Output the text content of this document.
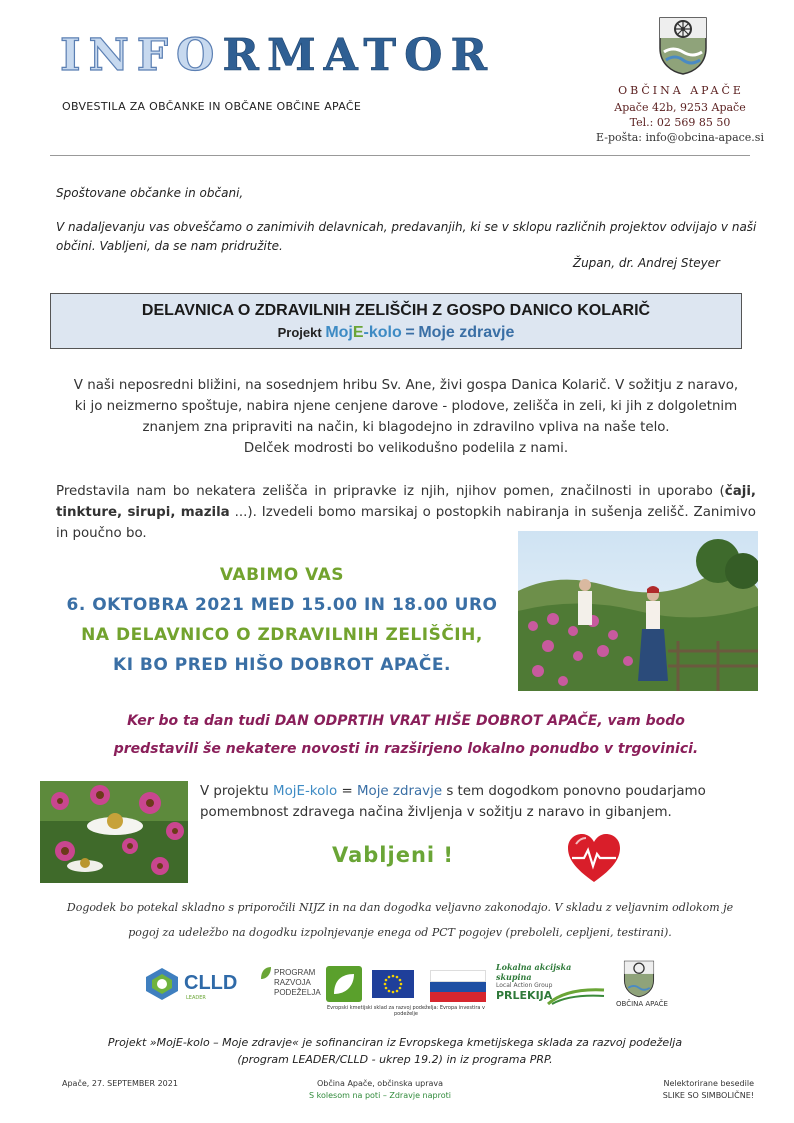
INFORMATOR
OBVESTILA ZA OBČANKE IN OBČANE OBČINE APAČE
OBČINA APAČE
Apače 42b, 9253 Apače
Tel.: 02 569 85 50
E-pošta: info@obcina-apace.si
Spoštovane občanke in občani,
V nadaljevanju vas obveščamo o zanimivih delavnicah, predavanjih, ki se v sklopu različnih projektov odvijajo v naši
občini. Vabljeni, da se nam pridružite.
Župan, dr. Andrej Steyer
DELAVNICA O ZDRAVILNIH ZELIŠČIH Z GOSPO DANICO KOLARIČ
Projekt MojE-kolo = Moje zdravje
V naši neposredni bližini, na sosednjem hribu Sv. Ane, živi gospa Danica Kolarič. V sožitju z naravo,
ki jo neizmerno spoštuje, nabira njene cenjene darove - plodove, zelišča in zeli, ki jih z dolgoletnim
znanjem zna pripraviti na način, ki blagodejno in zdravilno vpliva na naše telo.
Delček modrosti bo velikodušno podelila z nami.
Predstavila nam bo nekatera zelišča in pripravke iz njih, njihov pomen, značilnosti in uporabo (čaji, tinkture, sirupi, mazila ...). Izvedeli bomo marsikaj o postopkih nabiranja in sušenja zelišč. Zanimivo in poučno bo.
VABIMO VAS
6. OKTOBRA 2021 MED 15.00 IN 18.00 URO
NA DELAVNICO O ZDRAVILNIH ZELIŠČIH,
KI BO PRED HIŠO DOBROT APAČE.
Ker bo ta dan tudi DAN ODPRTIH VRAT HIŠE DOBROT APAČE, vam bodo
predstavili še nekatere novosti in razširjeno lokalno ponudbo v trgovinici.
V projektu MojE-kolo = Moje zdravje s tem dogodkom ponovno poudarjamo
pomembnost zdravega načina življenja v sožitju z naravo in gibanjem.
Vabljeni !
Dogodek bo potekal skladno s priporočili NIJZ in na dan dogodka veljavno zakonodajo. V skladu z veljavnim odlokom je
pogoj za udeležbo na dogodku izpolnjevanje enega od PCT pogojev (preboleli, cepljeni, testirani).
CLLD
LEADER
PROGRAM
RAZVOJA
PODEŽELJA
Evropski kmetijski sklad za razvoj podeželja: Evropa investira v podeželje
Lokalna akcijska skupina
Local Action Group
PRLEKIJA
OBČINA APAČE
Projekt »MojE-kolo – Moje zdravje« je sofinanciran iz Evropskega kmetijskega sklada za razvoj podeželja
(program LEADER/CLLD - ukrep 19.2) in iz programa PRP.
Apače, 27. SEPTEMBER 2021	Občina Apače, občinska uprava
S kolesom na poti – Zdravje naproti
Nelektorirane besedile
SLIKE SO SIMBOLIČNE!
